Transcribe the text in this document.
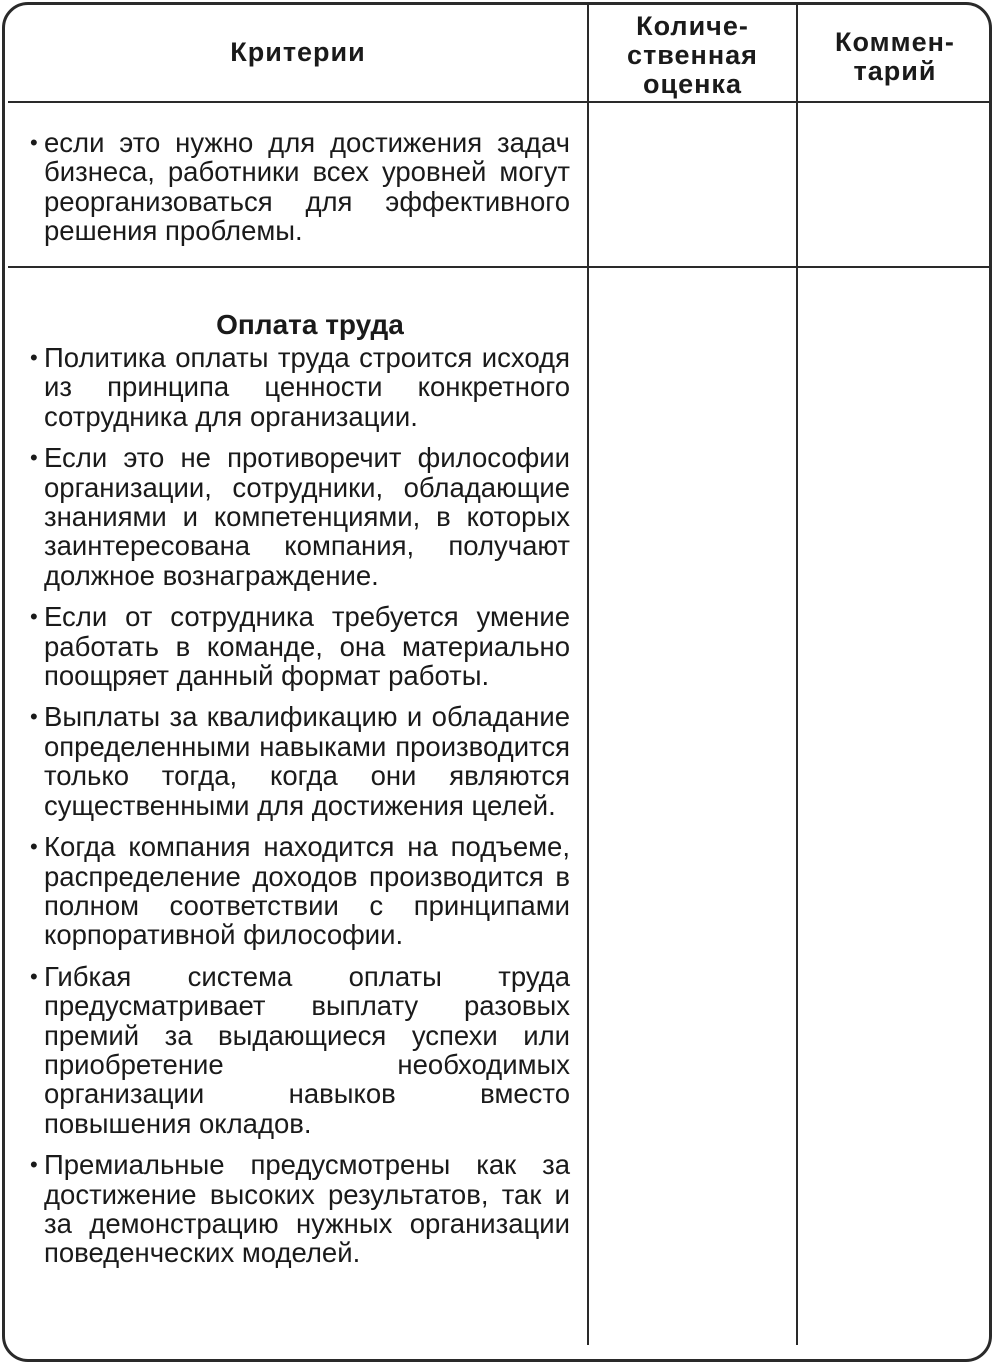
Критерии
Количе-
ственная
оценка
Коммен-
тарий
• если это нужно для достижения задач бизнеса, работники всех уровней могут реорганизоваться для эффективного решения проблемы.
Оплата труда
• Политика оплаты труда строится исходя из принципа ценности конкретного сотрудника для организации.
• Если это не противоречит философии организации, сотрудники, обладающие знаниями и компетенциями, в которых заинтересована компания, получают должное вознаграждение.
• Если от сотрудника требуется умение работать в команде, она материально поощряет данный формат работы.
• Выплаты за квалификацию и обладание определенными навыками производится только тогда, когда они являются существенными для достижения целей.
• Когда компания находится на подъеме, распределение доходов производится в полном соответствии с принципами корпоративной философии.
• Гибкая система оплаты труда предусматривает выплату разовых премий за выдающиеся успехи или приобретение необходимых организации навыков вместо повышения окладов.
• Премиальные предусмотрены как за достижение высоких результатов, так и за демонстрацию нужных организации поведенческих моделей.
